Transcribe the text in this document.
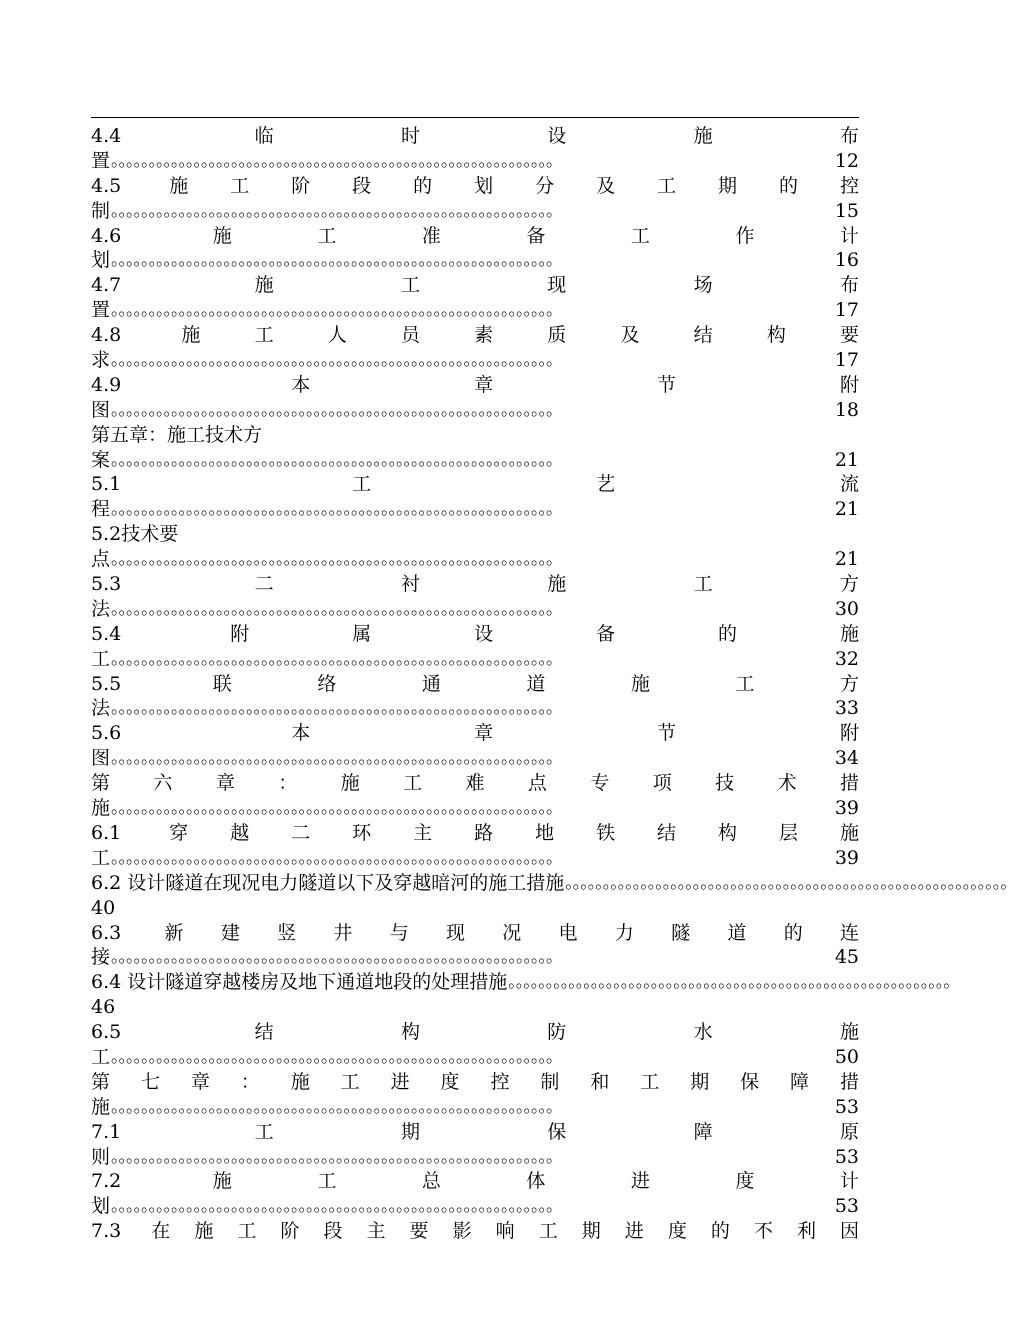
4.4 临时设施布
置 。。。。。。。。。。。。。。。。。。。。。。。。。。。。。。。。。。。。。。。。。。。。。。。。。。。。。。。。。。。	12
4.5 施工阶段的划分及工期的控
制 。。。。。。。。。。。。。。。。。。。。。。。。。。。。。。。。。。。。。。。。。。。。。。。。。。。。。。。。。。。	15
4.6 施工准备工作计
划 。。。。。。。。。。。。。。。。。。。。。。。。。。。。。。。。。。。。。。。。。。。。。。。。。。。。。。。。。。。	16
4.7 施工现场布
置 。。。。。。。。。。。。。。。。。。。。。。。。。。。。。。。。。。。。。。。。。。。。。。。。。。。。。。。。。。。	17
4.8 施工人员素质及结构要
求 。。。。。。。。。。。。。。。。。。。。。。。。。。。。。。。。。。。。。。。。。。。。。。。。。。。。。。。。。。。	17
4.9 本章节附
图 。。。。。。。。。。。。。。。。。。。。。。。。。。。。。。。。。。。。。。。。。。。。。。。。。。。。。。。。。。。	18
第五章：施工技术方
案 。。。。。。。。。。。。。。。。。。。。。。。。。。。。。。。。。。。。。。。。。。。。。。。。。。。。。。。。。。。	21
5.1 工艺流
程 。。。。。。。。。。。。。。。。。。。。。。。。。。。。。。。。。。。。。。。。。。。。。。。。。。。。。。。。。。。	21
5.2技术要
点 。。。。。。。。。。。。。。。。。。。。。。。。。。。。。。。。。。。。。。。。。。。。。。。。。。。。。。。。。。。	21
5.3 二衬施工方
法 。。。。。。。。。。。。。。。。。。。。。。。。。。。。。。。。。。。。。。。。。。。。。。。。。。。。。。。。。。。	30
5.4 附属设备的施
工 。。。。。。。。。。。。。。。。。。。。。。。。。。。。。。。。。。。。。。。。。。。。。。。。。。。。。。。。。。。	32
5.5 联络通道施工方
法 。。。。。。。。。。。。。。。。。。。。。。。。。。。。。。。。。。。。。。。。。。。。。。。。。。。。。。。。。。。	33
5.6 本章节附
图 。。。。。。。。。。。。。。。。。。。。。。。。。。。。。。。。。。。。。。。。。。。。。。。。。。。。。。。。。。。	34
第六章：施工难点专项技术措
施 。。。。。。。。。。。。。。。。。。。。。。。。。。。。。。。。。。。。。。。。。。。。。。。。。。。。。。。。。。。	39
6.1 穿越二环主路地铁结构层施
工 。。。。。。。。。。。。。。。。。。。。。。。。。。。。。。。。。。。。。。。。。。。。。。。。。。。。。。。。。。。	39
6.2 设计隧道在现况电力隧道以下及穿越暗河的施工措施 。。。。。。。。。。。。。。。。。。。。。。。。。。。。。。。。。。。。。。。。。。。。。。。。。。。。。。。。。。。
40
6.3 新建竖井与现况电力隧道的连
接 。。。。。。。。。。。。。。。。。。。。。。。。。。。。。。。。。。。。。。。。。。。。。。。。。。。。。。。。。。。	45
6.4 设计隧道穿越楼房及地下通道地段的处理措施 。。。。。。。。。。。。。。。。。。。。。。。。。。。。。。。。。。。。。。。。。。。。。。。。。。。。。。。。。。。
46
6.5 结构防水施
工 。。。。。。。。。。。。。。。。。。。。。。。。。。。。。。。。。。。。。。。。。。。。。。。。。。。。。。。。。。。	50
第七章：施工进度控制和工期保障措
施 。。。。。。。。。。。。。。。。。。。。。。。。。。。。。。。。。。。。。。。。。。。。。。。。。。。。。。。。。。。	53
7.1 工期保障原
则 。。。。。。。。。。。。。。。。。。。。。。。。。。。。。。。。。。。。。。。。。。。。。。。。。。。。。。。。。。。	53
7.2 施工总体进度计
划 。。。。。。。。。。。。。。。。。。。。。。。。。。。。。。。。。。。。。。。。。。。。。。。。。。。。。。。。。。。	53
7.3 在施工阶段主要影响工期进度的不利因
